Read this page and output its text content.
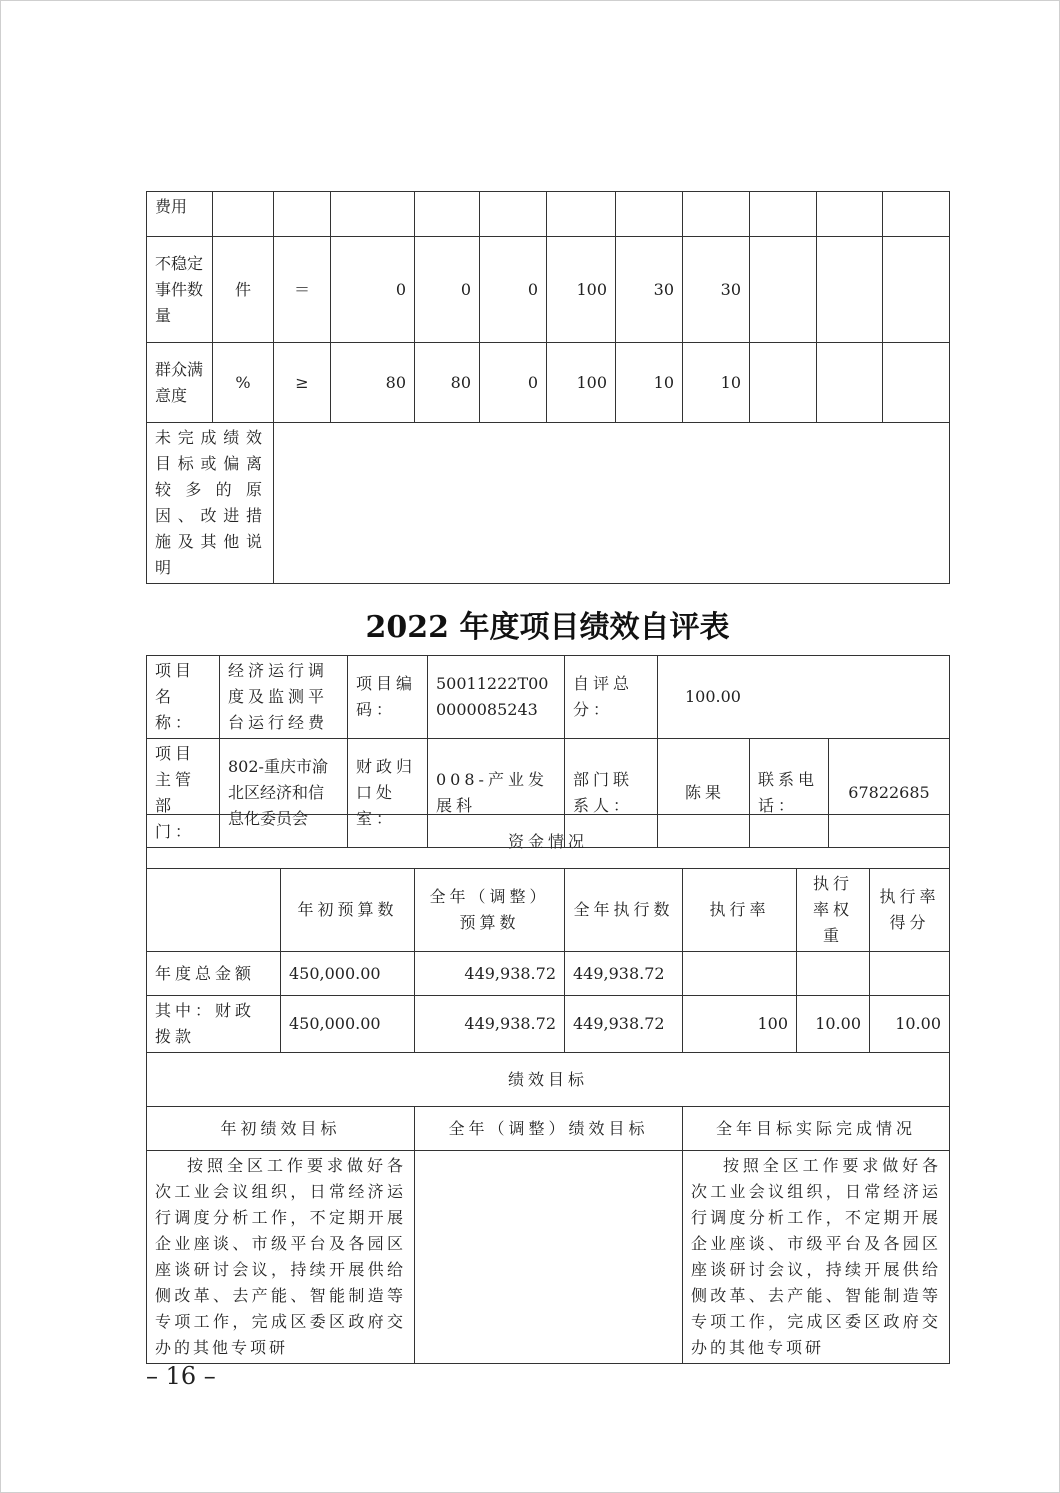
费用											
不稳定事件数量	件	＝	0	0	0	100	30	30			
群众满意度	%	≥	80	80	0	100	10	10			
未完成绩效目标或偏离较多的原因、改进措施及其他说明											
2022 年度项目绩效自评表
项目名称：	经济运行调度及监测平台运行经费	项目编码：	50011222T000000085243	自评总分：	100.00		
项目主管部门：	802-重庆市渝北区经济和信息化委员会	财政归口处室：	008-产业发展科	部门联系人：	陈果	联系电话：	67822685
资金情况						
	年初预算数	全年（调整）预算数	全年执行数	执行率	执行率权重	执行率得分
年度总金额	450,000.00	449,938.72	449,938.72			
其中：财政拨款	450,000.00	449,938.72	449,938.72	100	10.00	10.00
绩效目标						
年初绩效目标		全年（调整）绩效目标		全年目标实际完成情况		
按照全区工作要求做好各次工业会议组织，日常经济运行调度分析工作，不定期开展企业座谈、市级平台及各园区座谈研讨会议，持续开展供给侧改革、去产能、智能制造等专项工作，完成区委区政府交办的其他专项研				按照全区工作要求做好各次工业会议组织，日常经济运行调度分析工作，不定期开展企业座谈、市级平台及各园区座谈研讨会议，持续开展供给侧改革、去产能、智能制造等专项工作，完成区委区政府交办的其他专项研		
– 16 –
